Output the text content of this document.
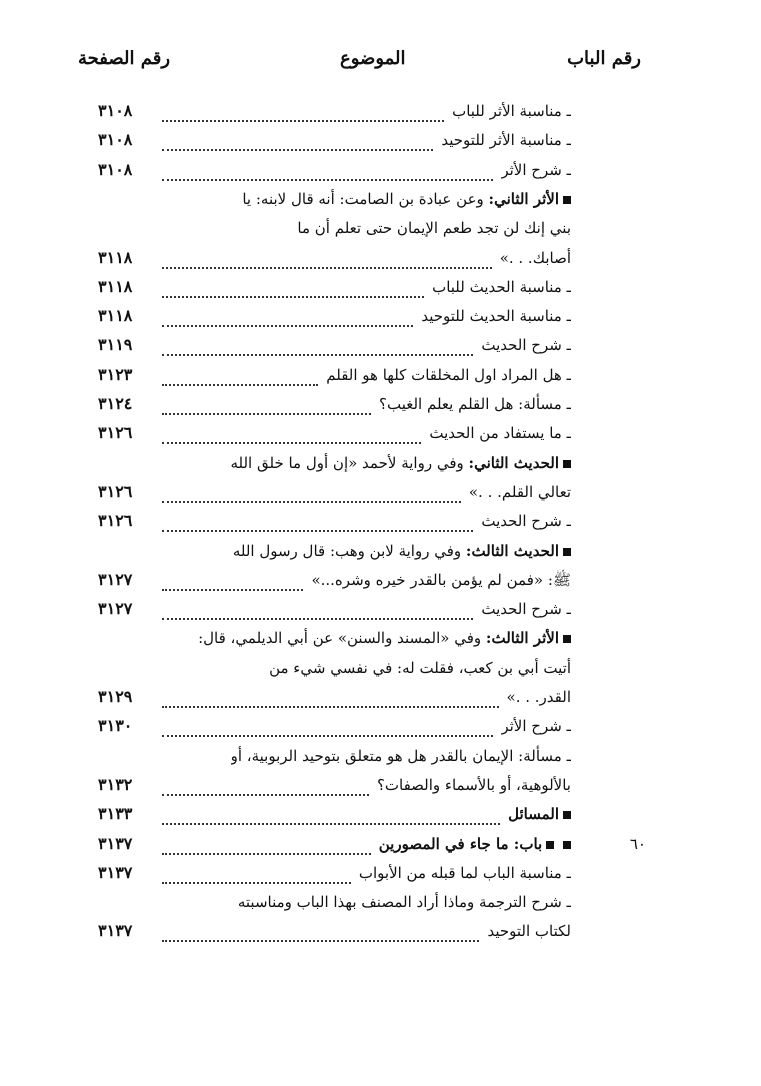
رقم الباب
الموضوع
رقم الصفحة
ـ مناسبة الأثر للباب
٣١٠٨
ـ مناسبة الأثر للتوحيد
٣١٠٨
ـ شرح الأثر
٣١٠٨
الأثر الثاني: وعن عبادة بن الصامت: أنه قال لابنه: يا
بني إنك لن تجد طعم الإيمان حتى تعلم أن ما
أصابك. . .»
٣١١٨
ـ مناسبة الحديث للباب
٣١١٨
ـ مناسبة الحديث للتوحيد
٣١١٨
ـ شرح الحديث
٣١١٩
ـ هل المراد اول المخلقات كلها هو القلم
٣١٢٣
ـ مسألة: هل القلم يعلم الغيب؟
٣١٢٤
ـ ما يستفاد من الحديث
٣١٢٦
الحديث الثاني: وفي رواية لأحمد «إن أول ما خلق الله
تعالي القلم. . .»
٣١٢٦
ـ شرح الحديث
٣١٢٦
الحديث الثالث: وفي رواية لابن وهب: قال رسول الله
ﷺ: «فمن لم يؤمن بالقدر خيره وشره...»
٣١٢٧
ـ شرح الحديث
٣١٢٧
الأثر الثالث: وفي «المسند والسنن» عن أبي الديلمي، قال:
أتيت أبي بن كعب، فقلت له: في نفسي شيء من
القدر. . .»
٣١٢٩
ـ شرح الأثر
٣١٣٠
ـ مسألة: الإيمان بالقدر هل هو متعلق بتوحيد الربوبية، أو
بالألوهية، أو بالأسماء والصفات؟
٣١٣٢
المسائل
٣١٣٣
باب: ما جاء في المصورين
٣١٣٧	٦٠
ـ مناسبة الباب لما قبله من الأبواب
٣١٣٧
ـ شرح الترجمة وماذا أراد المصنف بهذا الباب ومناسبته
لكتاب التوحيد
٣١٣٧
